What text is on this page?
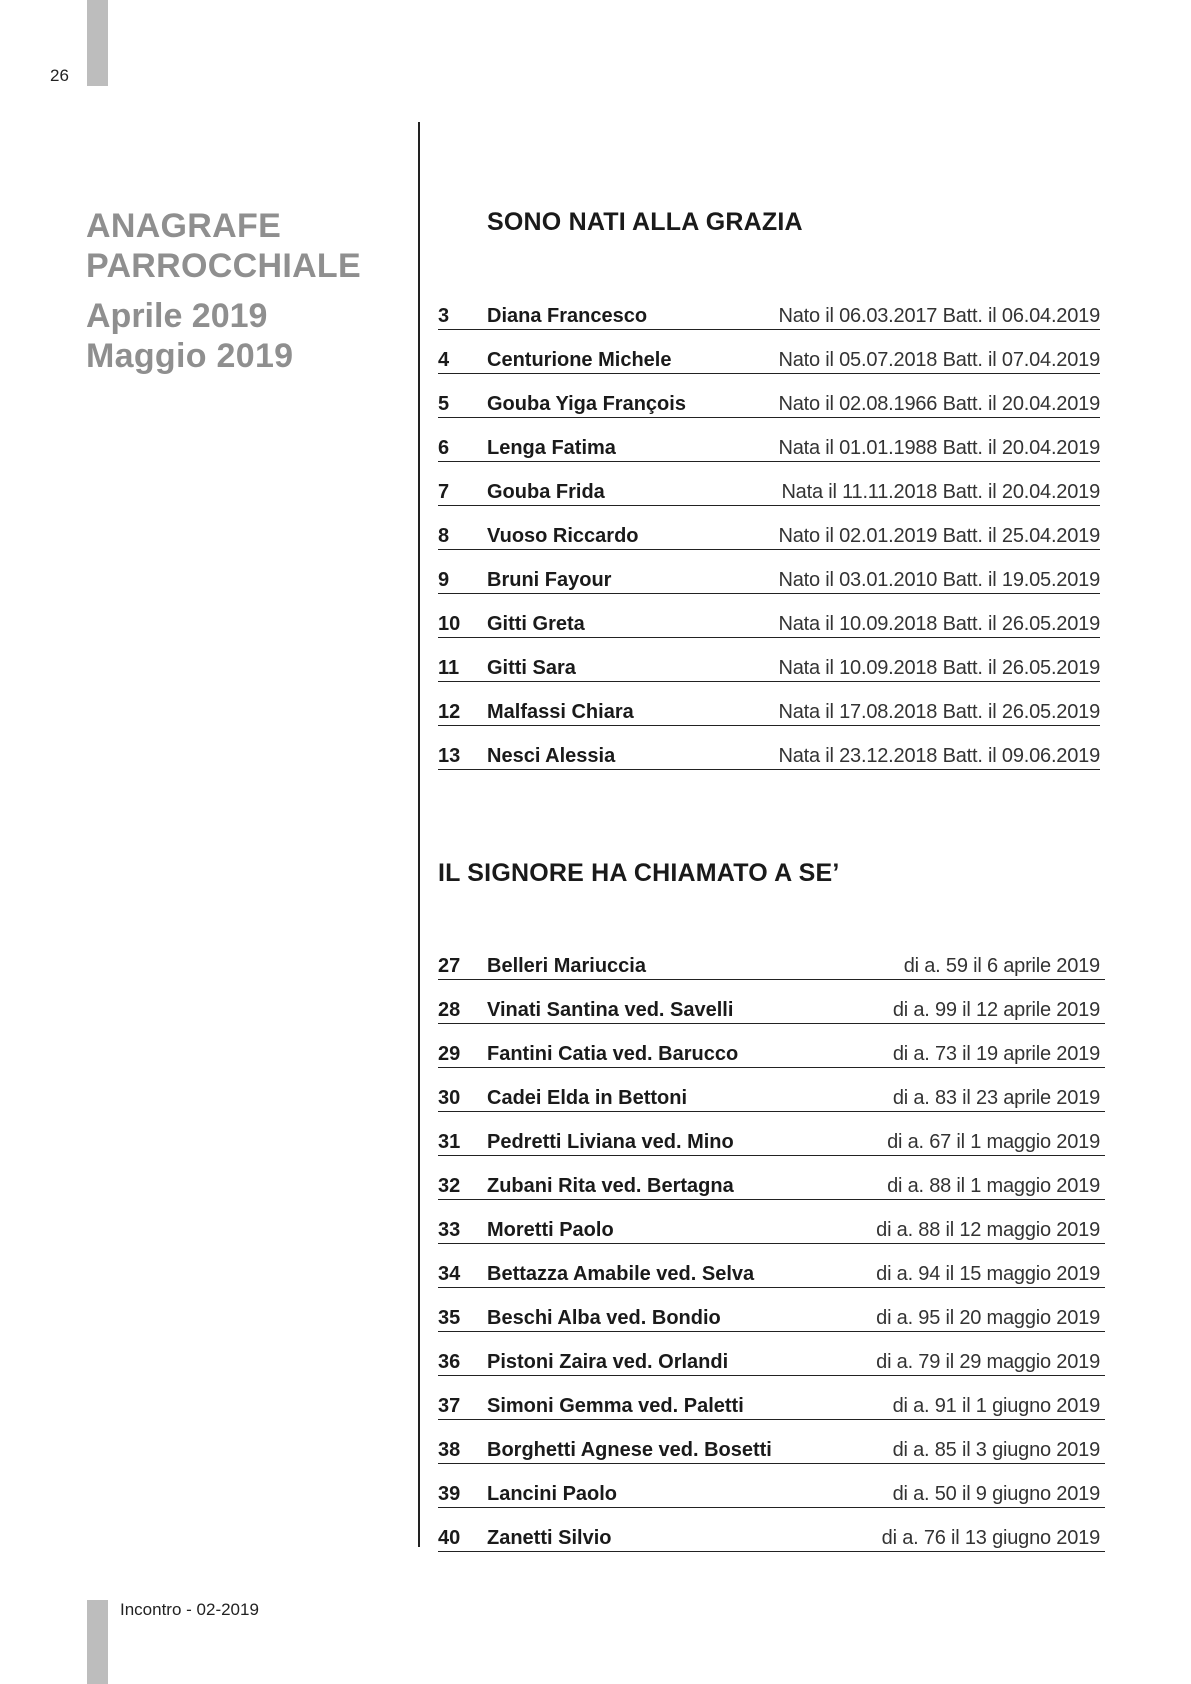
26
ANAGRAFE
PARROCCHIALE
Aprile 2019
Maggio 2019
SONO NATI ALLA GRAZIA
3	Diana Francesco	Nato il 06.03.2017 Batt. il 06.04.2019
4	Centurione Michele	Nato il 05.07.2018 Batt. il 07.04.2019
5	Gouba Yiga François	Nato il 02.08.1966 Batt. il 20.04.2019
6	Lenga Fatima	Nata il 01.01.1988 Batt. il 20.04.2019
7	Gouba Frida	Nata il 11.11.2018 Batt. il 20.04.2019
8	Vuoso Riccardo	Nato il 02.01.2019 Batt. il 25.04.2019
9	Bruni Fayour	Nato il 03.01.2010 Batt. il 19.05.2019
10	Gitti Greta	Nata il 10.09.2018 Batt. il 26.05.2019
11	Gitti Sara	Nata il 10.09.2018 Batt. il 26.05.2019
12	Malfassi Chiara	Nata il 17.08.2018 Batt. il 26.05.2019
13	Nesci Alessia	Nata il 23.12.2018 Batt. il 09.06.2019
IL SIGNORE HA CHIAMATO A SE’
27	Belleri Mariuccia	di a. 59 il 6 aprile 2019
28	Vinati Santina ved. Savelli	di a. 99 il 12 aprile 2019
29	Fantini Catia ved. Barucco	di a. 73 il 19 aprile 2019
30	Cadei Elda in Bettoni	di a. 83 il 23 aprile 2019
31	Pedretti Liviana ved. Mino	di a. 67 il 1 maggio 2019
32	Zubani Rita ved. Bertagna	di a. 88 il 1 maggio 2019
33	Moretti Paolo	di a. 88 il 12 maggio 2019
34	Bettazza Amabile ved. Selva	di a. 94 il 15 maggio 2019
35	Beschi Alba ved. Bondio	di a. 95 il 20 maggio 2019
36	Pistoni Zaira ved. Orlandi	di a. 79 il 29 maggio 2019
37	Simoni Gemma ved. Paletti	di a. 91 il 1 giugno 2019
38	Borghetti Agnese ved. Bosetti	di a. 85 il 3 giugno 2019
39	Lancini Paolo	di a. 50 il 9 giugno 2019
40	Zanetti Silvio	di a. 76 il 13 giugno 2019
Incontro - 02-2019
